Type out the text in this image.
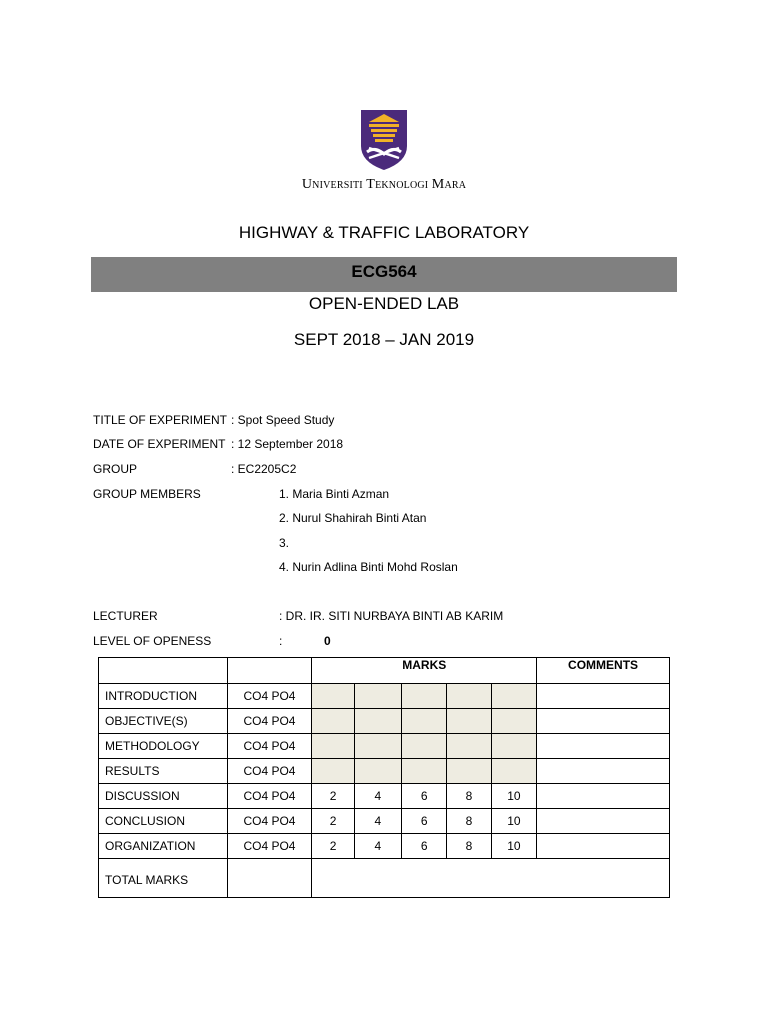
UNIVERSITI TEKNOLOGI MARA
HIGHWAY & TRAFFIC LABORATORY
ECG564
OPEN-ENDED LAB
SEPT 2018 – JAN 2019
TITLE OF EXPERIMENT : Spot Speed Study
DATE OF EXPERIMENT : 12 September 2018
GROUP	: EC2205C2
GROUP MEMBERS	1. Maria Binti Azman
2. Nurul Shahirah Binti Atan
3.
4. Nurin Adlina Binti Mohd Roslan
LECTURER	: DR. IR. SITI NURBAYA BINTI AB KARIM
LEVEL OF OPENESS	:	0
		MARKS					COMMENTS
INTRODUCTION	CO4 PO4						
OBJECTIVE(S)	CO4 PO4						
METHODOLOGY	CO4 PO4						
RESULTS	CO4 PO4						
DISCUSSION	CO4 PO4	2	4	6	8	10	
CONCLUSION	CO4 PO4	2	4	6	8	10	
ORGANIZATION	CO4 PO4	2	4	6	8	10	
TOTAL MARKS							
